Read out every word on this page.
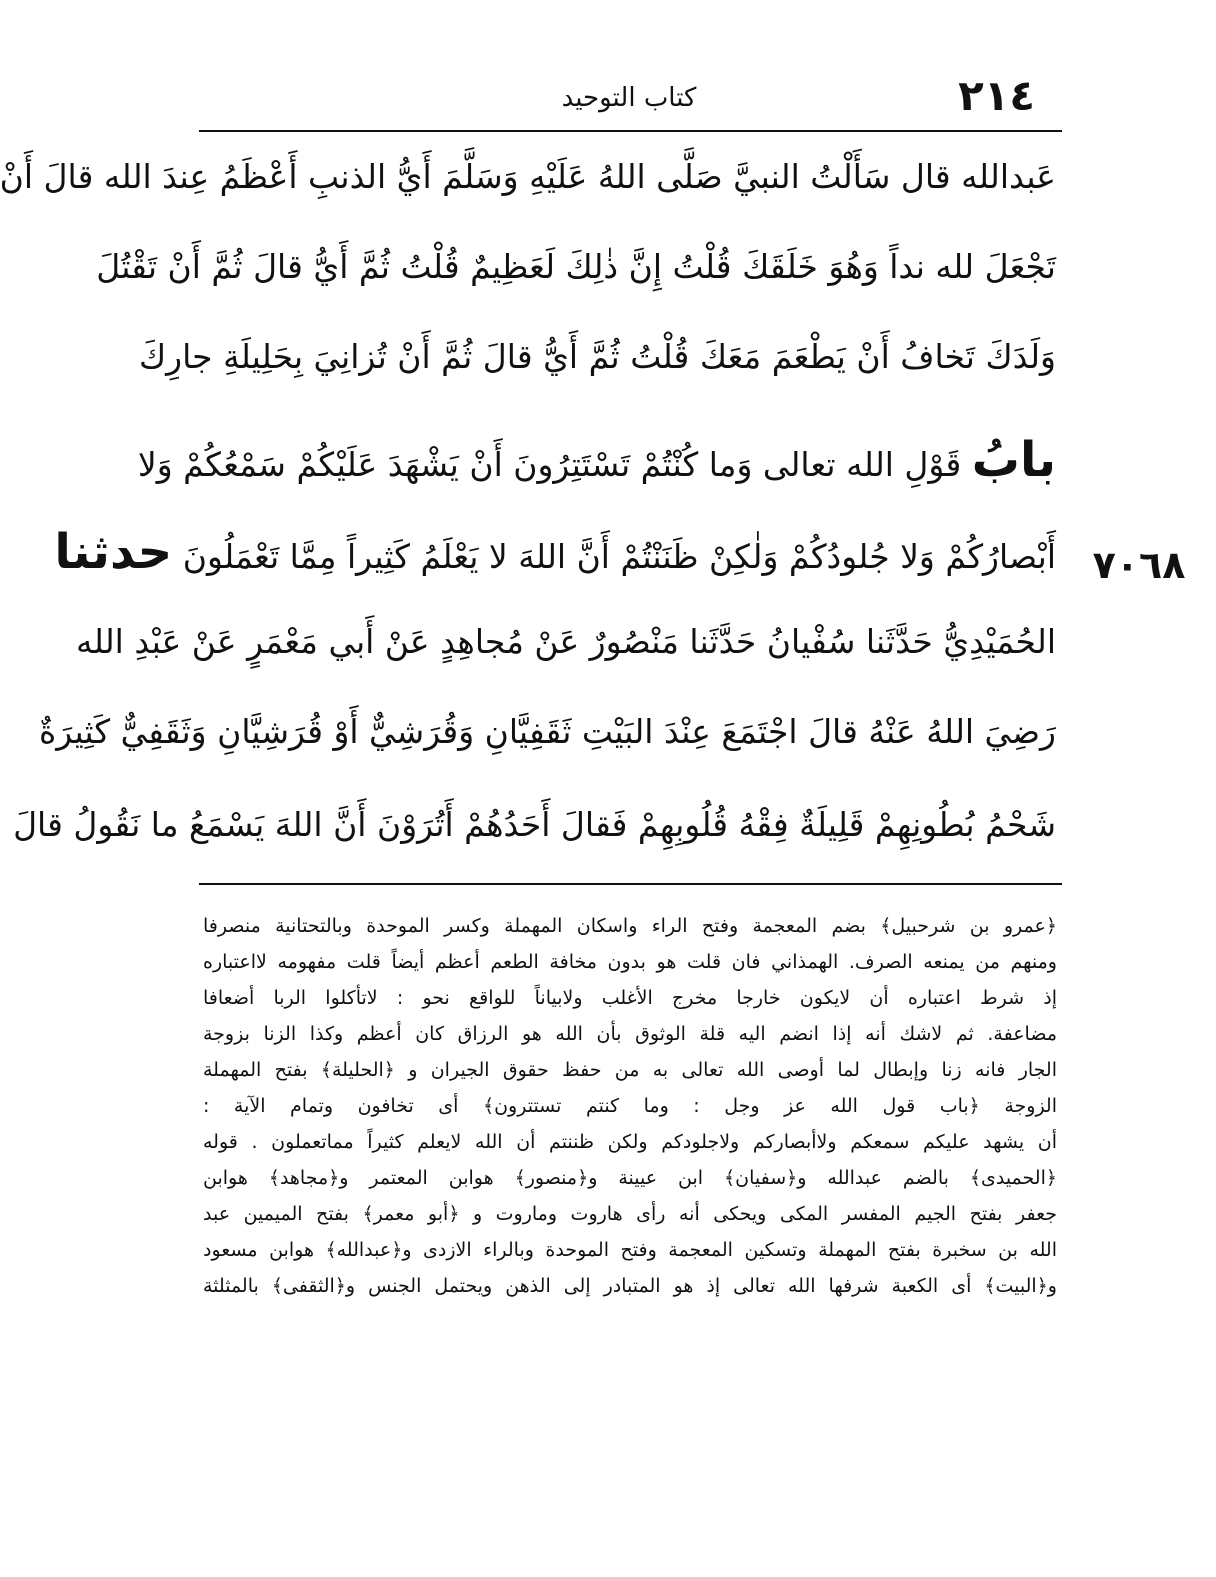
٢١٤
كتاب التوحيد
عَبدالله قال سَأَلْتُ النبيَّ صَلَّى اللهُ عَلَيْهِ وَسَلَّمَ أَيُّ الذنبِ أَعْظَمُ عِندَ الله قالَ أَنْ
تَجْعَلَ لله نداً وَهُوَ خَلَقَكَ قُلْتُ إِنَّ ذٰلِكَ لَعَظِيمٌ قُلْتُ ثُمَّ أَيُّ قالَ ثُمَّ أَنْ تَقْتُلَ
وَلَدَكَ تَخافُ أَنْ يَطْعَمَ مَعَكَ قُلْتُ ثُمَّ أَيُّ قالَ ثُمَّ أَنْ تُزانِيَ بِحَلِيلَةِ جارِكَ
بابُ قَوْلِ الله تعالى وَما كُنْتُمْ تَسْتَتِرُونَ أَنْ يَشْهَدَ عَلَيْكُمْ سَمْعُكُمْ وَلا
أَبْصارُكُمْ وَلا جُلودُكُمْ وَلٰكِنْ ظَنَنْتُمْ أَنَّ اللهَ لا يَعْلَمُ كَثِيراً مِمَّا تَعْمَلُونَ حدثنا	٧٠٦٨
الحُمَيْدِيُّ حَدَّثَنا سُفْيانُ حَدَّثَنا مَنْصُورٌ عَنْ مُجاهِدٍ عَنْ أَبي مَعْمَرٍ عَنْ عَبْدِ الله
رَضِيَ اللهُ عَنْهُ قالَ اجْتَمَعَ عِنْدَ البَيْتِ ثَقَفِيَّانِ وَقُرَشِيٌّ أَوْ قُرَشِيَّانِ وَثَقَفِيٌّ كَثِيرَةٌ
شَحْمُ بُطُونِهِمْ قَلِيلَةٌ فِقْهُ قُلُوبِهِمْ فَقالَ أَحَدُهُمْ أَتُرَوْنَ أَنَّ اللهَ يَسْمَعُ ما نَقُولُ قالَ
﴿عمرو بن شرحبيل﴾ بضم المعجمة وفتح الراء واسكان المهملة وكسر الموحدة وبالتحتانية منصرفا
ومنهم من يمنعه الصرف. الهمذاني فان قلت هو بدون مخافة الطعم أعظم أيضاً قلت مفهومه لااعتباره
إذ شرط اعتباره أن لايكون خارجا مخرج الأغلب ولابياناً للواقع نحو : لاتأكلوا الربا أضعافا
مضاعفة. ثم لاشك أنه إذا انضم اليه قلة الوثوق بأن الله هو الرزاق كان أعظم وكذا الزنا بزوجة
الجار فانه زنا وإبطال لما أوصى الله تعالى به من حفظ حقوق الجيران و ﴿الحليلة﴾ بفتح المهملة
الزوجة ﴿باب قول الله عز وجل : وما كنتم تستترون﴾ أى تخافون وتمام الآية :
أن يشهد عليكم سمعكم ولاأبصاركم ولاجلودكم ولكن ظننتم أن الله لايعلم كثيراً مماتعملون . قوله
﴿الحميدى﴾ بالضم عبدالله و﴿سفيان﴾ ابن عيينة و﴿منصور﴾ هوابن المعتمر و﴿مجاهد﴾ هوابن
جعفر بفتح الجيم المفسر المكى ويحكى أنه رأى هاروت وماروت و ﴿أبو معمر﴾ بفتح الميمين عبد
الله بن سخبرة بفتح المهملة وتسكين المعجمة وفتح الموحدة وبالراء الازدى و﴿عبدالله﴾ هوابن مسعود
و﴿البيت﴾ أى الكعبة شرفها الله تعالى إذ هو المتبادر إلى الذهن ويحتمل الجنس و﴿الثقفى﴾ بالمثلثة
